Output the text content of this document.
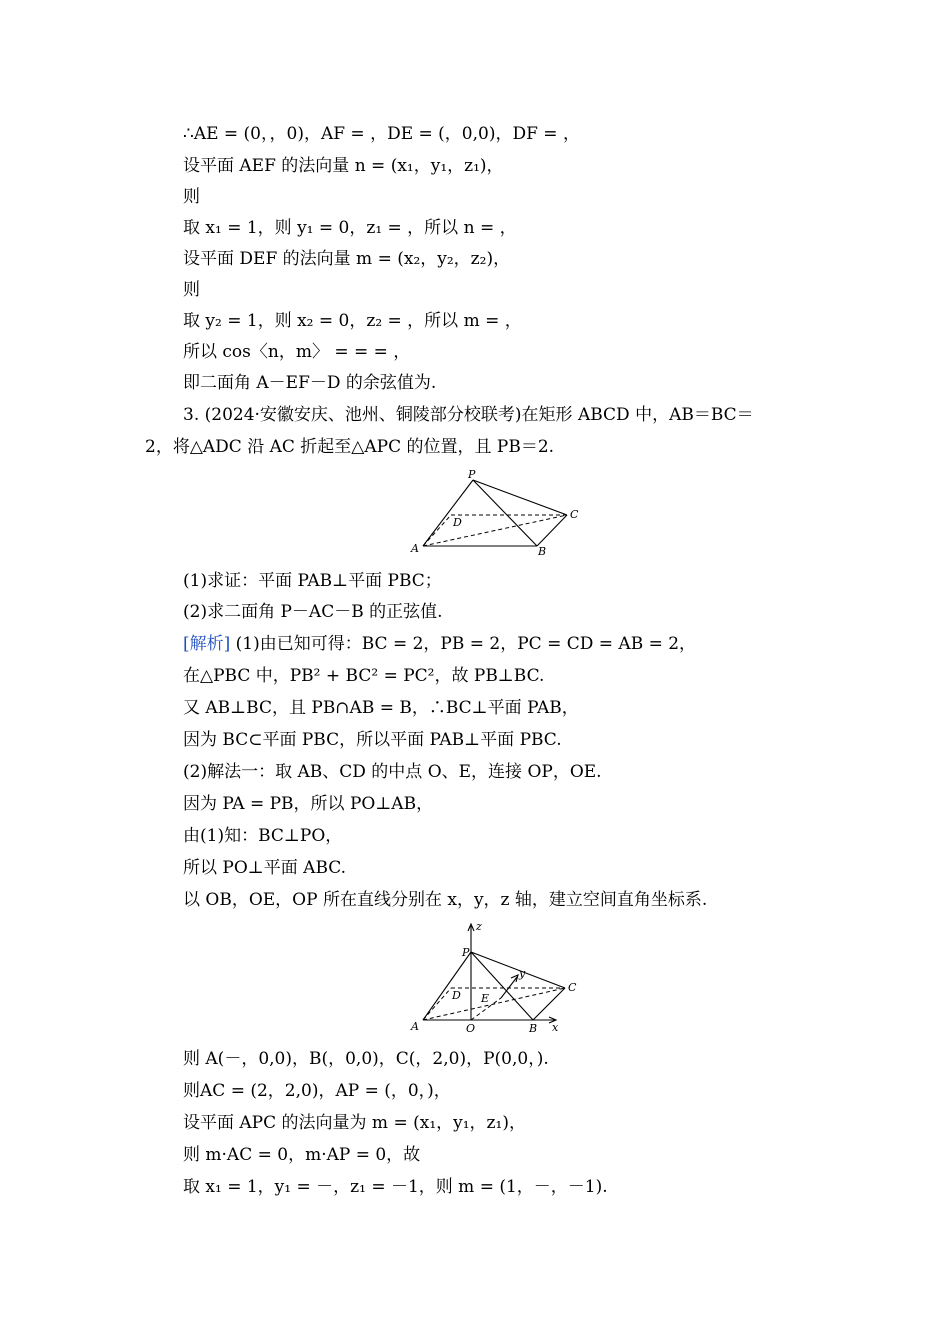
∴AE = (0，，0)，AF = ，DE = (，0,0)，DF = ，
设平面 AEF 的法向量 n = (x₁，y₁，z₁)，
则
取 x₁ = 1，则 y₁ = 0，z₁ = ，所以 n = ，
设平面 DEF 的法向量 m = (x₂，y₂，z₂)，
则
取 y₂ = 1，则 x₂ = 0，z₂ = ，所以 m = ，
所以 cos〈n，m〉 = = = ，
即二面角 A－EF－D 的余弦值为.
3. (2024·安徽安庆、池州、铜陵部分校联考)在矩形 ABCD 中，AB＝BC＝
2，将△ADC 沿 AC 折起至△APC 的位置，且 PB＝2.
P
D
C
A	B
(1)求证：平面 PAB⊥平面 PBC；
(2)求二面角 P－AC－B 的正弦值.
[解析] (1)由已知可得：BC = 2，PB = 2，PC = CD = AB = 2，
在△PBC 中，PB² + BC² = PC²，故 PB⊥BC.
又 AB⊥BC，且 PB∩AB = B，∴BC⊥平面 PAB，
因为 BC⊂平面 PBC，所以平面 PAB⊥平面 PBC.
(2)解法一：取 AB、CD 的中点 O、E，连接 OP，OE.
因为 PA = PB，所以 PO⊥AB，
由(1)知：BC⊥PO，
所以 PO⊥平面 ABC.
以 OB，OE，OP 所在直线分别在 x，y，z 轴，建立空间直角坐标系.
z
P
y
D E
C
A	O	B x
则 A(－，0,0)，B(，0,0)，C(，2,0)，P(0,0，).
则AC = (2，2,0)，AP = (，0，)，
设平面 APC 的法向量为 m = (x₁，y₁，z₁)，
则 m·AC = 0，m·AP = 0，故
取 x₁ = 1，y₁ = －，z₁ = －1，则 m = (1，－，－1).
